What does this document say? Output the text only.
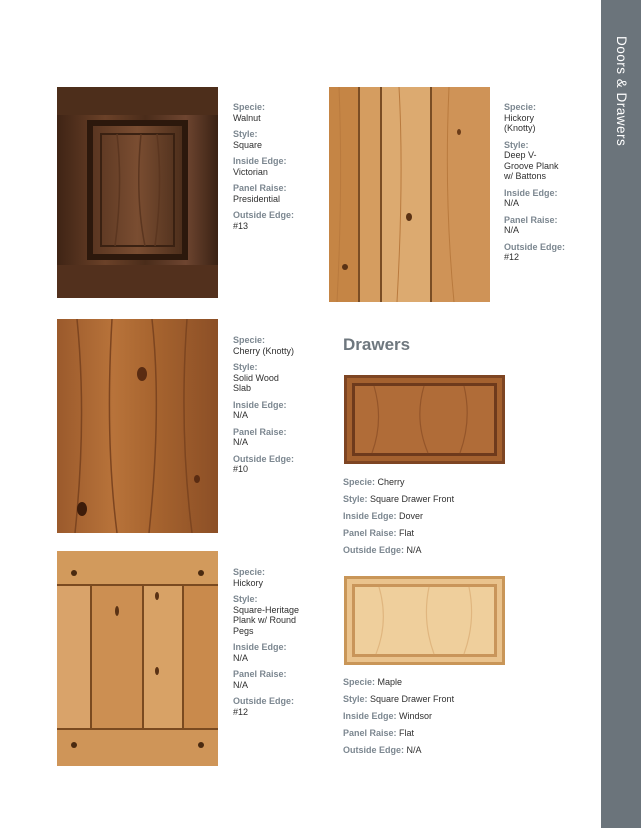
Doors & Drawers
Specie:
Walnut
Style:
Square
Inside Edge:
Victorian
Panel Raise:
Presidential
Outside Edge:
#13
Specie:
Hickory (Knotty)
Style:
Deep V-Groove Plank w/ Battons
Inside Edge:
N/A
Panel Raise:
N/A
Outside Edge:
#12
Specie:
Cherry (Knotty)
Style:
Solid Wood Slab
Inside Edge:
N/A
Panel Raise:
N/A
Outside Edge:
#10
Specie:
Hickory
Style:
Square-Heritage Plank w/ Round Pegs
Inside Edge:
N/A
Panel Raise:
N/A
Outside Edge:
#12
Drawers
Specie: Cherry
Style: Square Drawer Front
Inside Edge: Dover
Panel Raise: Flat
Outside Edge: N/A
Specie: Maple
Style: Square Drawer Front
Inside Edge: Windsor
Panel Raise: Flat
Outside Edge: N/A
